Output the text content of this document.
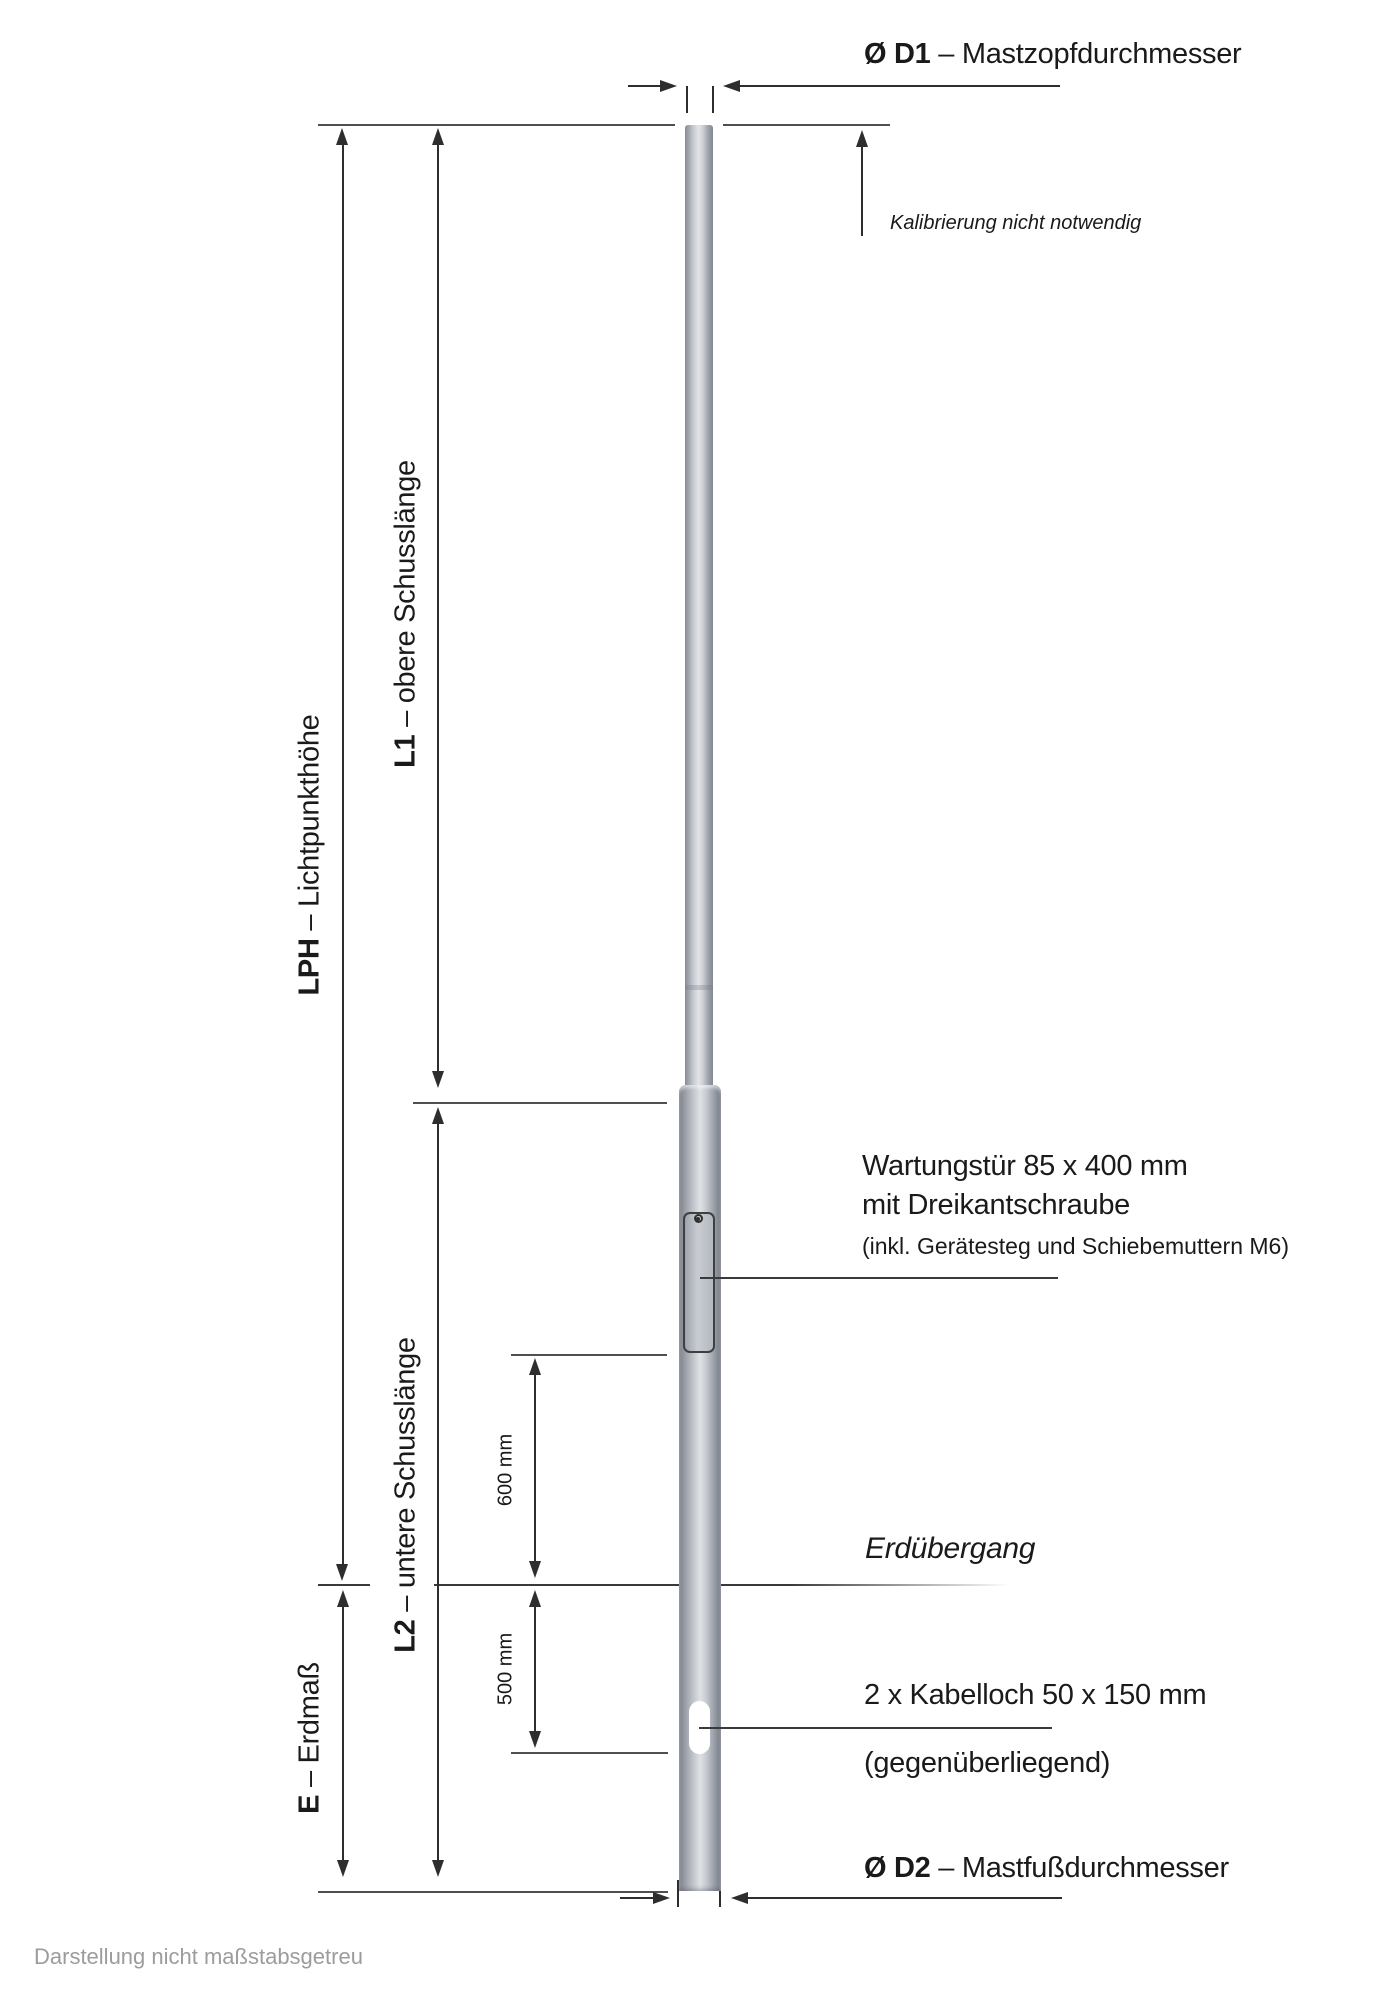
LPH – Lichtpunkthöhe L1 – obere Schusslänge
L2 – untere Schusslänge
E – Erdmaß
600 mm
500 mm
Ø D1 – Mastzopfdurchmesser
Kalibrierung nicht notwendig
Wartungstür 85 x 400 mm
mit Dreikantschraube
(inkl. Gerätesteg und Schiebemuttern M6)
Erdübergang
2 x Kabelloch 50 x 150 mm
(gegenüberliegend)
Ø D2 – Mastfußdurchmesser
Darstellung nicht maßstabsgetreu
